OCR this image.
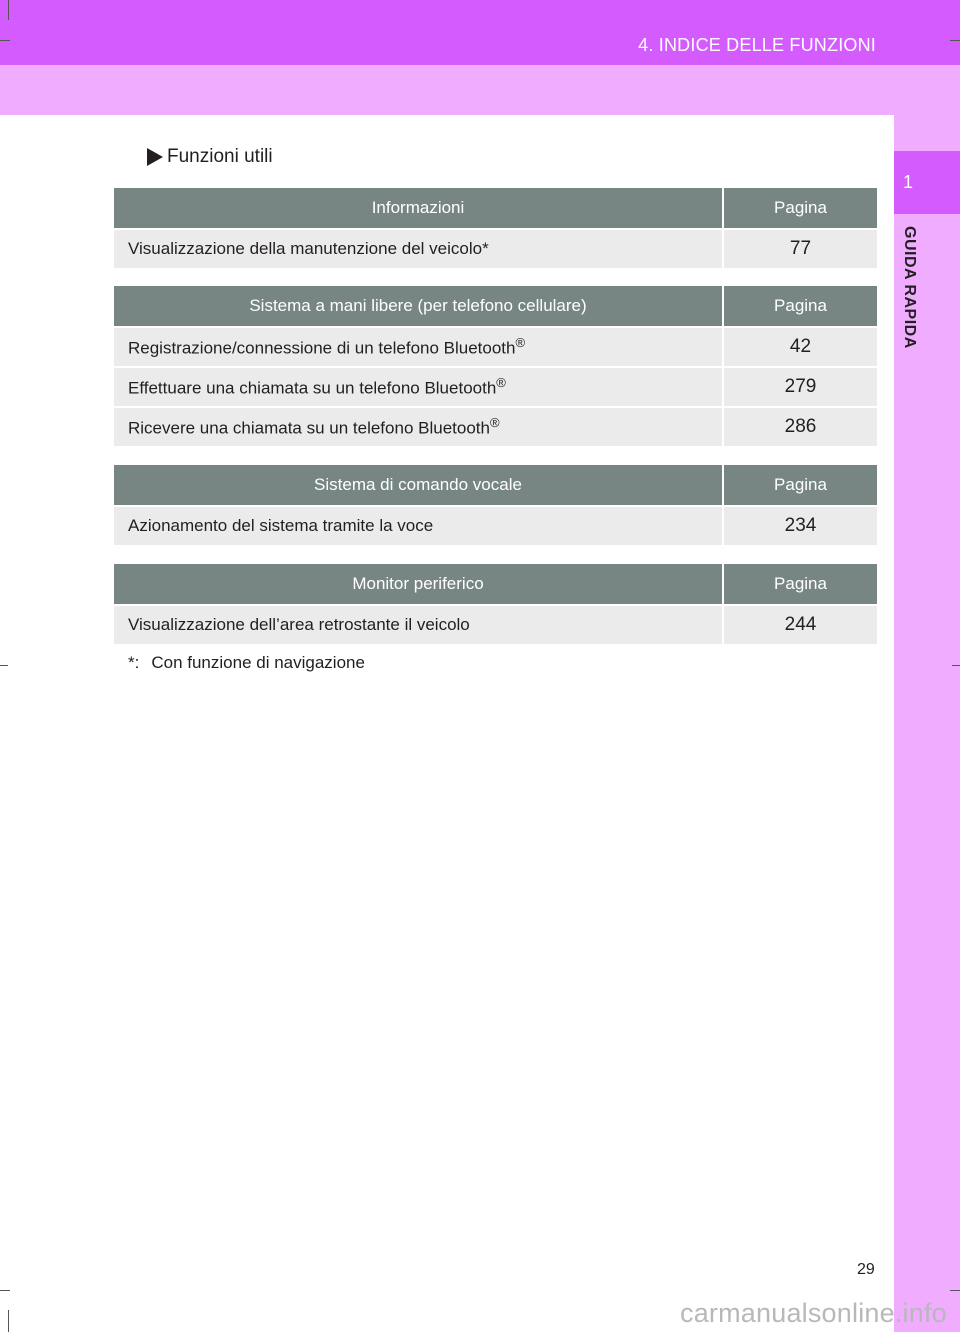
1
GUIDA RAPIDA
4. INDICE DELLE FUNZIONI
Funzioni utili
Informazioni	Pagina
Visualizzazione della manutenzione del veicolo*	77
Sistema a mani libere (per telefono cellulare)	Pagina
Registrazione/connessione di un telefono Bluetooth®	42
Effettuare una chiamata su un telefono Bluetooth®	279
Ricevere una chiamata su un telefono Bluetooth®	286
Sistema di comando vocale	Pagina
Azionamento del sistema tramite la voce	234
Monitor periferico	Pagina
Visualizzazione dell’area retrostante il veicolo	244
*: Con funzione di navigazione
29
carmanualsonline.info
